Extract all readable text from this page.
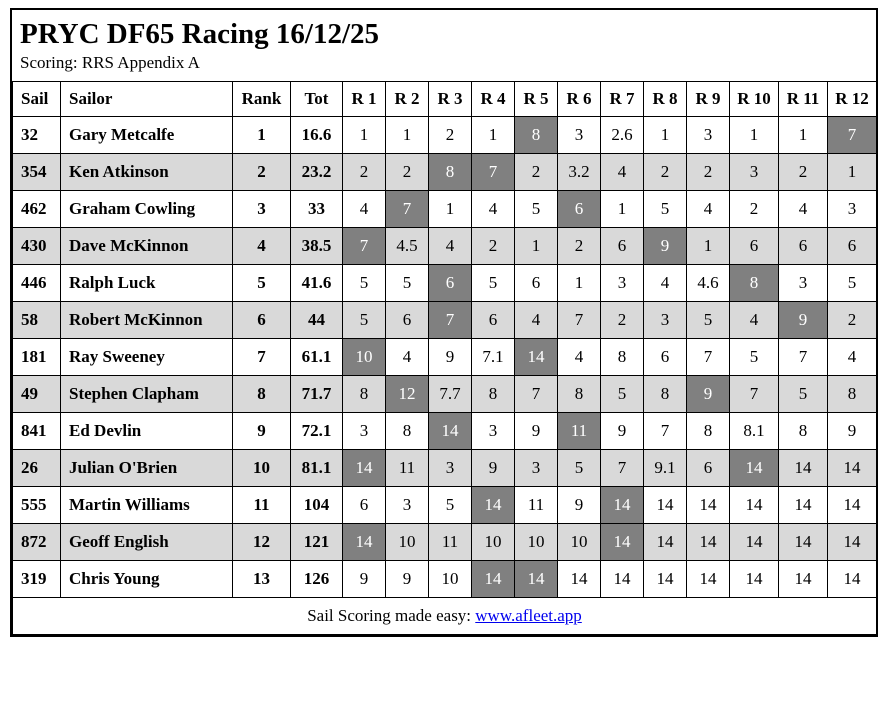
PRYC DF65 Racing 16/12/25
Scoring: RRS Appendix A
Sail	Sailor	Rank	Tot	R 1	R 2	R 3	R 4	R 5	R 6	R 7	R 8	R 9	R 10	R 11	R 12
32	Gary Metcalfe	1	16.6	1	1	2	1	8	3	2.6	1	3	1	1	7
354	Ken Atkinson	2	23.2	2	2	8	7	2	3.2	4	2	2	3	2	1
462	Graham Cowling	3	33	4	7	1	4	5	6	1	5	4	2	4	3
430	Dave McKinnon	4	38.5	7	4.5	4	2	1	2	6	9	1	6	6	6
446	Ralph Luck	5	41.6	5	5	6	5	6	1	3	4	4.6	8	3	5
58	Robert McKinnon	6	44	5	6	7	6	4	7	2	3	5	4	9	2
181	Ray Sweeney	7	61.1	10	4	9	7.1	14	4	8	6	7	5	7	4
49	Stephen Clapham	8	71.7	8	12	7.7	8	7	8	5	8	9	7	5	8
841	Ed Devlin	9	72.1	3	8	14	3	9	11	9	7	8	8.1	8	9
26	Julian O'Brien	10	81.1	14	11	3	9	3	5	7	9.1	6	14	14	14
555	Martin Williams	11	104	6	3	5	14	11	9	14	14	14	14	14	14
872	Geoff English	12	121	14	10	11	10	10	10	14	14	14	14	14	14
319	Chris Young	13	126	9	9	10	14	14	14	14	14	14	14	14	14
Sail Scoring made easy: www.afleet.app															
